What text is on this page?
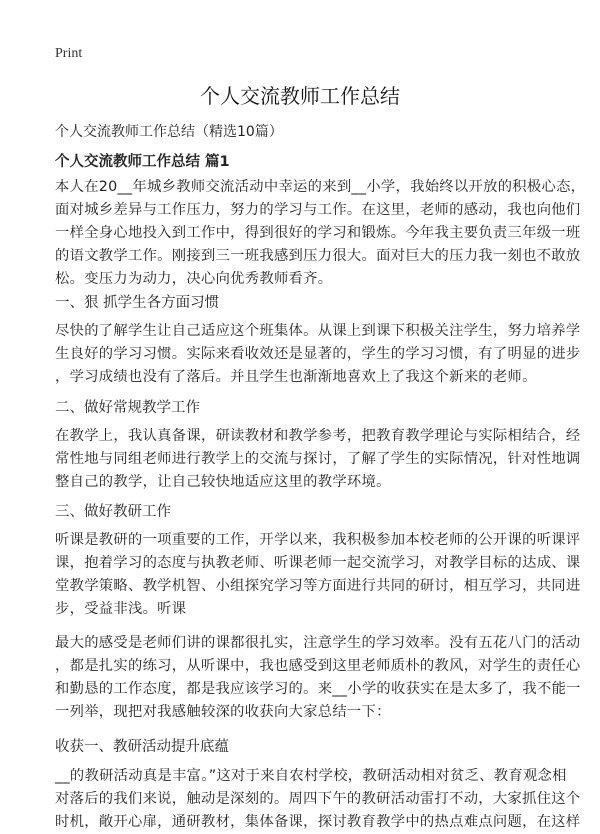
Print
个人交流教师工作总结
个人交流教师工作总结（精选10篇）
个人交流教师工作总结 篇1
本人在20__年城乡教师交流活动中幸运的来到__小学，我始终以开放的积极心态，
面对城乡差异与工作压力，努力的学习与工作。在这里，老师的感动，我也向他们
一样全身心地投入到工作中，得到很好的学习和锻炼。今年我主要负责三年级一班
的语文教学工作。刚接到三一班我感到压力很大。面对巨大的压力我一刻也不敢放
松。变压力为动力，决心向优秀教师看齐。
一、狠 抓学生各方面习惯
尽快的了解学生让自己适应这个班集体。从课上到课下积极关注学生，努力培养学
生良好的学习习惯。实际来看收效还是显著的，学生的学习习惯，有了明显的进步
，学习成绩也没有了落后。并且学生也渐渐地喜欢上了我这个新来的老师。
二、做好常规教学工作
在教学上，我认真备课，研读教材和教学参考，把教育教学理论与实际相结合，经
常性地与同组老师进行教学上的交流与探讨，了解了学生的实际情况，针对性地调
整自己的教学，让自己较快地适应这里的教学环境。
三、做好教研工作
听课是教研的一项重要的工作，开学以来，我积极参加本校老师的公开课的听课评
课，抱着学习的态度与执教老师、听课老师一起交流学习，对教学目标的达成、课
堂教学策略、教学机智、小组探究学习等方面进行共同的研讨，相互学习，共同进
步，受益非浅。听课
最大的感受是老师们讲的课都很扎实，注意学生的学习效率。没有五花八门的活动
，都是扎实的练习，从听课中，我也感受到这里老师质朴的教风，对学生的责任心
和勤恳的工作态度，都是我应该学习的。来__小学的收获实在是太多了，我不能一
一列举，现把对我感触较深的收获向大家总结一下：
收获一、教研活动提升底蕴
__的教研活动真是丰富。”这对于来自农村学校，教研活动相对贫乏、教育观念相
对落后的我们来说，触动是深刻的。周四下午的教研活动雷打不动，大家抓住这个
时机，敞开心扉，通研教材，集体备课，探讨教育教学中的热点难点问题，在这样
